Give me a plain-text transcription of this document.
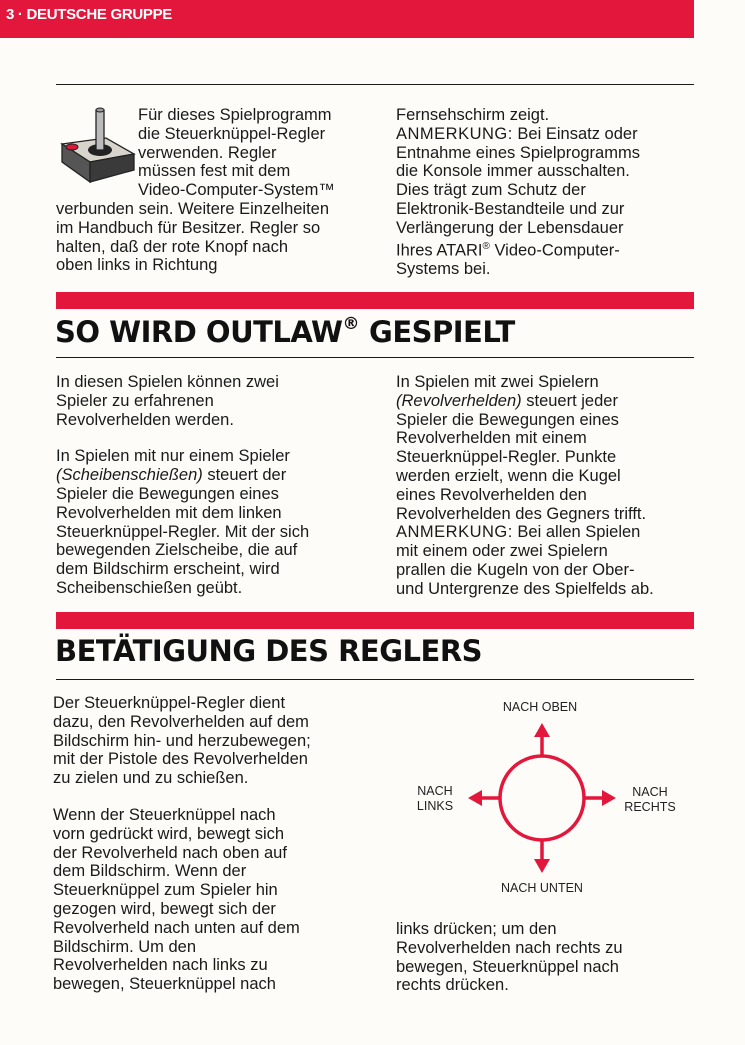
3 · DEUTSCHE GRUPPE
Für dieses Spielprogramm
die Steuerknüppel-Regler
verwenden. Regler
müssen fest mit dem
Video-Computer-System™
verbunden sein. Weitere Einzelheiten
im Handbuch für Besitzer. Regler so
halten, daß der rote Knopf nach
oben links in Richtung
Fernsehschirm zeigt.
ANMERKUNG: Bei Einsatz oder
Entnahme eines Spielprogramms
die Konsole immer ausschalten.
Dies trägt zum Schutz der
Elektronik-Bestandteile und zur
Verlängerung der Lebensdauer
Ihres ATARI® Video-Computer-
Systems bei.
SO WIRD OUTLAW® GESPIELT

In diesen Spielen können zwei
Spieler zu erfahrenen
Revolverhelden werden.

In Spielen mit nur einem Spieler
(Scheibenschießen) steuert der
Spieler die Bewegungen eines
Revolverhelden mit dem linken
Steuerknüppel-Regler. Mit der sich
bewegenden Zielscheibe, die auf
dem Bildschirm erscheint, wird
Scheibenschießen geübt.

In Spielen mit zwei Spielern
(Revolverhelden) steuert jeder
Spieler die Bewegungen eines
Revolverhelden mit einem
Steuerknüppel-Regler. Punkte
werden erzielt, wenn die Kugel
eines Revolverhelden den
Revolverhelden des Gegners trifft.
ANMERKUNG: Bei allen Spielen
mit einem oder zwei Spielern
prallen die Kugeln von der Ober-
und Untergrenze des Spielfelds ab.
BETÄTIGUNG DES REGLERS

Der Steuerknüppel-Regler dient
dazu, den Revolverhelden auf dem
Bildschirm hin- und herzubewegen;
mit der Pistole des Revolverhelden
zu zielen und zu schießen.

Wenn der Steuerknüppel nach
vorn gedrückt wird, bewegt sich
der Revolverheld nach oben auf
dem Bildschirm. Wenn der
Steuerknüppel zum Spieler hin
gezogen wird, bewegt sich der
Revolverheld nach unten auf dem
Bildschirm. Um den
Revolverhelden nach links zu
bewegen, Steuerknüppel nach

NACH OBEN
NACH UNTEN
NACH
LINKS
NACH
RECHTS
links drücken; um den
Revolverhelden nach rechts zu
bewegen, Steuerknüppel nach
rechts drücken.
